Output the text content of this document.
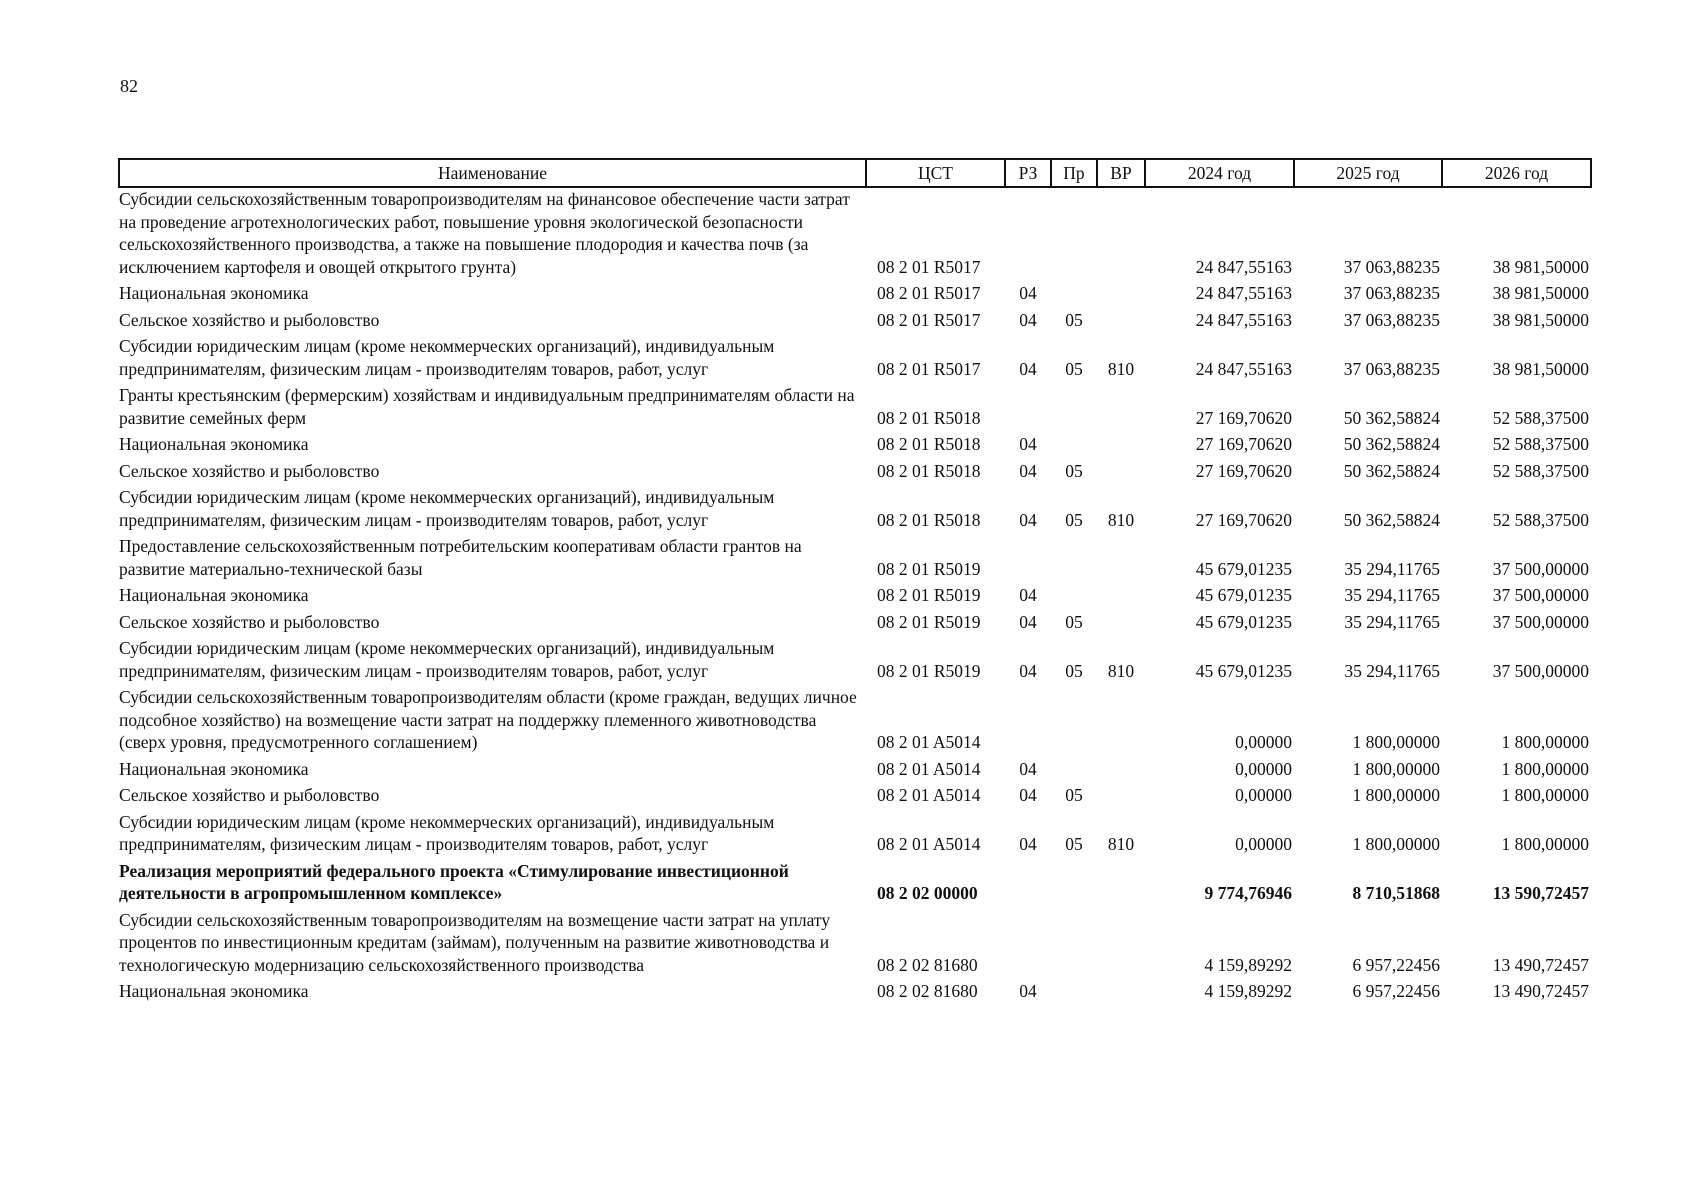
82
Наименование	ЦСТ	РЗ	Пр	ВР	2024 год	2025 год	2026 год
Субсидии сельскохозяйственным товаропроизводителям на финансовое обеспечение части затрат на проведение агротехнологических работ, повышение уровня экологической безопасности сельскохозяйственного производства, а также на повышение плодородия и качества почв (за исключением картофеля и овощей открытого грунта)	08 2 01 R5017				24 847,55163	37 063,88235	38 981,50000
Национальная экономика	08 2 01 R5017	04			24 847,55163	37 063,88235	38 981,50000
Сельское хозяйство и рыболовство	08 2 01 R5017	04	05		24 847,55163	37 063,88235	38 981,50000
Субсидии юридическим лицам (кроме некоммерческих организаций), индивидуальным предпринимателям, физическим лицам - производителям товаров, работ, услуг	08 2 01 R5017	04	05	810	24 847,55163	37 063,88235	38 981,50000
Гранты крестьянским (фермерским) хозяйствам и индивидуальным предпринимателям области на развитие семейных ферм	08 2 01 R5018				27 169,70620	50 362,58824	52 588,37500
Национальная экономика	08 2 01 R5018	04			27 169,70620	50 362,58824	52 588,37500
Сельское хозяйство и рыболовство	08 2 01 R5018	04	05		27 169,70620	50 362,58824	52 588,37500
Субсидии юридическим лицам (кроме некоммерческих организаций), индивидуальным предпринимателям, физическим лицам - производителям товаров, работ, услуг	08 2 01 R5018	04	05	810	27 169,70620	50 362,58824	52 588,37500
Предоставление сельскохозяйственным потребительским кооперативам области грантов на развитие материально-технической базы	08 2 01 R5019				45 679,01235	35 294,11765	37 500,00000
Национальная экономика	08 2 01 R5019	04			45 679,01235	35 294,11765	37 500,00000
Сельское хозяйство и рыболовство	08 2 01 R5019	04	05		45 679,01235	35 294,11765	37 500,00000
Субсидии юридическим лицам (кроме некоммерческих организаций), индивидуальным предпринимателям, физическим лицам - производителям товаров, работ, услуг	08 2 01 R5019	04	05	810	45 679,01235	35 294,11765	37 500,00000
Субсидии сельскохозяйственным товаропроизводителям области (кроме граждан, ведущих личное подсобное хозяйство) на возмещение части затрат на поддержку племенного животноводства (сверх уровня, предусмотренного соглашением)	08 2 01 A5014				0,00000	1 800,00000	1 800,00000
Национальная экономика	08 2 01 A5014	04			0,00000	1 800,00000	1 800,00000
Сельское хозяйство и рыболовство	08 2 01 A5014	04	05		0,00000	1 800,00000	1 800,00000
Субсидии юридическим лицам (кроме некоммерческих организаций), индивидуальным предпринимателям, физическим лицам - производителям товаров, работ, услуг	08 2 01 A5014	04	05	810	0,00000	1 800,00000	1 800,00000
Реализация мероприятий федерального проекта «Стимулирование инвестиционной деятельности в агропромышленном комплексе»	08 2 02 00000				9 774,76946	8 710,51868	13 590,72457
Субсидии сельскохозяйственным товаропроизводителям на возмещение части затрат на уплату процентов по инвестиционным кредитам (займам), полученным на развитие животноводства и технологическую модернизацию сельскохозяйственного производства	08 2 02 81680				4 159,89292	6 957,22456	13 490,72457
Национальная экономика	08 2 02 81680	04			4 159,89292	6 957,22456	13 490,72457
